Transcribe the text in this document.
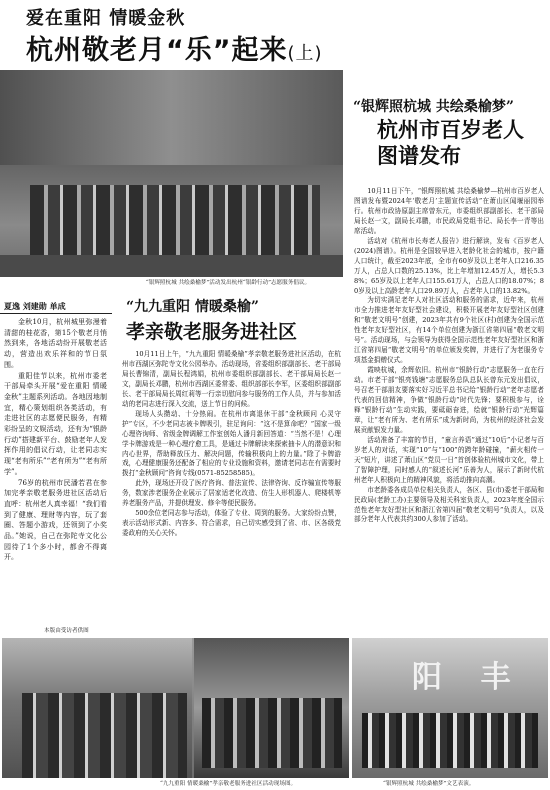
爱在重阳 情暖金秋
杭州敬老月“乐”起来(上)
“银辉照杭城 共绘桑榆梦”活动发出杭州“银龄行动”志愿服务倡议。
“银辉照杭城 共绘桑榆梦”
杭州市百岁老人
图谱发布
夏逸 刘建勋 单成

金秋10月，杭州城里弥漫着清甜的桂花香，第15个敬老月悄然到来，各地活动纷开展敬老活动，营造出欢乐祥和的节日氛围。

重阳佳节以来，杭州市委老干部局牵头开展“爱在重阳 情暖金秋”主题系列活动。各地因地制宜，精心策划组织各类活动，有走进社区的志愿便民服务，有精彩纷呈的文娱活动，还有为“银龄行动”搭建新平台、鼓励老年人发挥作用的倡议行动，让老同志实现“老有所乐”“老有所为”“老有所学”。

76岁的杭州市民潘若君在参加完孝亲敬老服务进社区活动后直呼：杭州老人真幸福！“我们看到了健康、理财等内容，玩了套圈、答题小游戏，还领到了小奖品。”她说，自己在弥陀寺文化公园待了1个多小时，都舍不得离开。

本版由受访者供图
“九九重阳 情暖桑榆”
孝亲敬老服务进社区

10月11日上午，“九九重阳 情暖桑榆”孝亲敬老服务进社区活动，在杭州市西湖区弥陀寺文化公园举办。活动现场，省委组织部副部长、老干部局局长曹锦清，副局长程鸿娟，杭州市委组织部副部长、老干部局局长赵一文，副局长邓鹏，杭州市西湖区委常委、组织部部长李军，区委组织部副部长、老干部局局长周红莉等一行亲切慰问参与服务的工作人员，并与参加活动的老同志进行深入交流，送上节日的问候。

现场人头攒动、十分热闹。在杭州市离退休干部“金秋顾问 心灵守护”专区，不少老同志被卡牌吸引，驻足询问：“这不是算命吧？”国家一级心理咨询师、省级金牌调解工作室创始人潘月新回答道：“当然不是！心理学卡牌游戏是一种心理疗愈工具，是通过卡牌解读来探索抽卡人的潜意识和内心世界，帮助释放压力、解决问题，传输积极向上的力量。”除了卡牌游戏，心理健康服务还配备了相应的专业设施和资料，邀请老同志在有需要时拨打“金秋顾问”咨询专线(0571-85258585)。

此外，现场还开设了医疗咨询、普法宣传、法律咨询、反诈骗宣传等服务，数家涉老服务企业展示了居家适老化改造、仿生人形机器人、爬楼机等养老服务产品，并提供理发、修伞等便民服务。

500余位老同志参与活动，体验了专业、周到的服务。大家纷纷点赞，表示活动形式新、内容多、符合需求，自己切实感受到了省、市、区各级党委政府的关心关怀。

10月11日下午，“银辉照杭城 共绘桑榆梦—杭州市百岁老人图谱发布暨2024年‘敬老月’主题宣传活动”在萧山区闻堰丽园举行。杭州市政协原副主席曾东元，市委组织部副部长、老干部局局长赵一文，副局长邓鹏，市民政局党组书记、局长李一青等出席活动。

活动对《杭州市长寿老人报告》进行解读，发布《百岁老人(2024)图谱》。杭州是全国较早进入老龄化社会的城市，按户籍人口统计，截至2023年底，全市有60岁及以上老年人口216.35万人，占总人口数的25.13%，比上年增加12.45万人，增长5.38%；65岁及以上老年人口155.61万人，占总人口的18.07%；80岁及以上高龄老年人口29.89万人，占老年人口的13.82%。

为切实满足老年人对社区活动和服务的需求，近年来，杭州市全力推进老年友好型社会建设，积极开展老年友好型社区创建和“敬老文明号”创建，2023年共有9个社区(村)创建为全国示范性老年友好型社区，有14个单位创建为浙江省第四届“敬老文明号”。活动现场，与会领导为获得全国示范性老年友好型社区和浙江省第四届“敬老文明号”的单位颁发奖牌，并进行了为老服务专项基金捐赠仪式。

霞映杭城，余辉依旧。杭州市“银龄行动”志愿服务一直在行动。市老干部“银亮钱塘”志愿服务总队总队长曾东元发出倡议，号召老干部朋友要落实好习近平总书记给“银龄行动”老年志愿者代表的回信精神，争做“银龄行动”时代先锋；要积极参与，诠释“银龄行动”生动实践，要砥砺奋进，绘就“银龄行动”光辉篇章，让“老有所为、老有所乐”成为新时尚，为杭州的经济社会发展贡献银发力量。

活动准备了丰富的节目，“童言养语”通过“10后”小记者与百岁老人的对话，实现“10”与“100”的跨年龄碰撞，“薪火相传一天”短片，讲述了萧山区“党员一日”首创体验杭州城市文化，带上了智障护理，同时感人的“叙述长河”乐善为人，展示了新时代杭州老年人积极向上的精神风貌，将活动推向高潮。

市老龄委各成员单位相关负责人，各区、县(市)委老干部局和民政局(老龄工办)主要领导及相关科室负责人，2023年度全国示范性老年友好型社区和浙江省第四届“敬老文明号”负责人，以及部分老年人代表共约300人参加了活动。

“九九重阳 情暖桑榆”孝亲敬老服务进社区活动现场图。
阳 丰
“银辉照杭城 共绘桑榆梦”文艺表演。
